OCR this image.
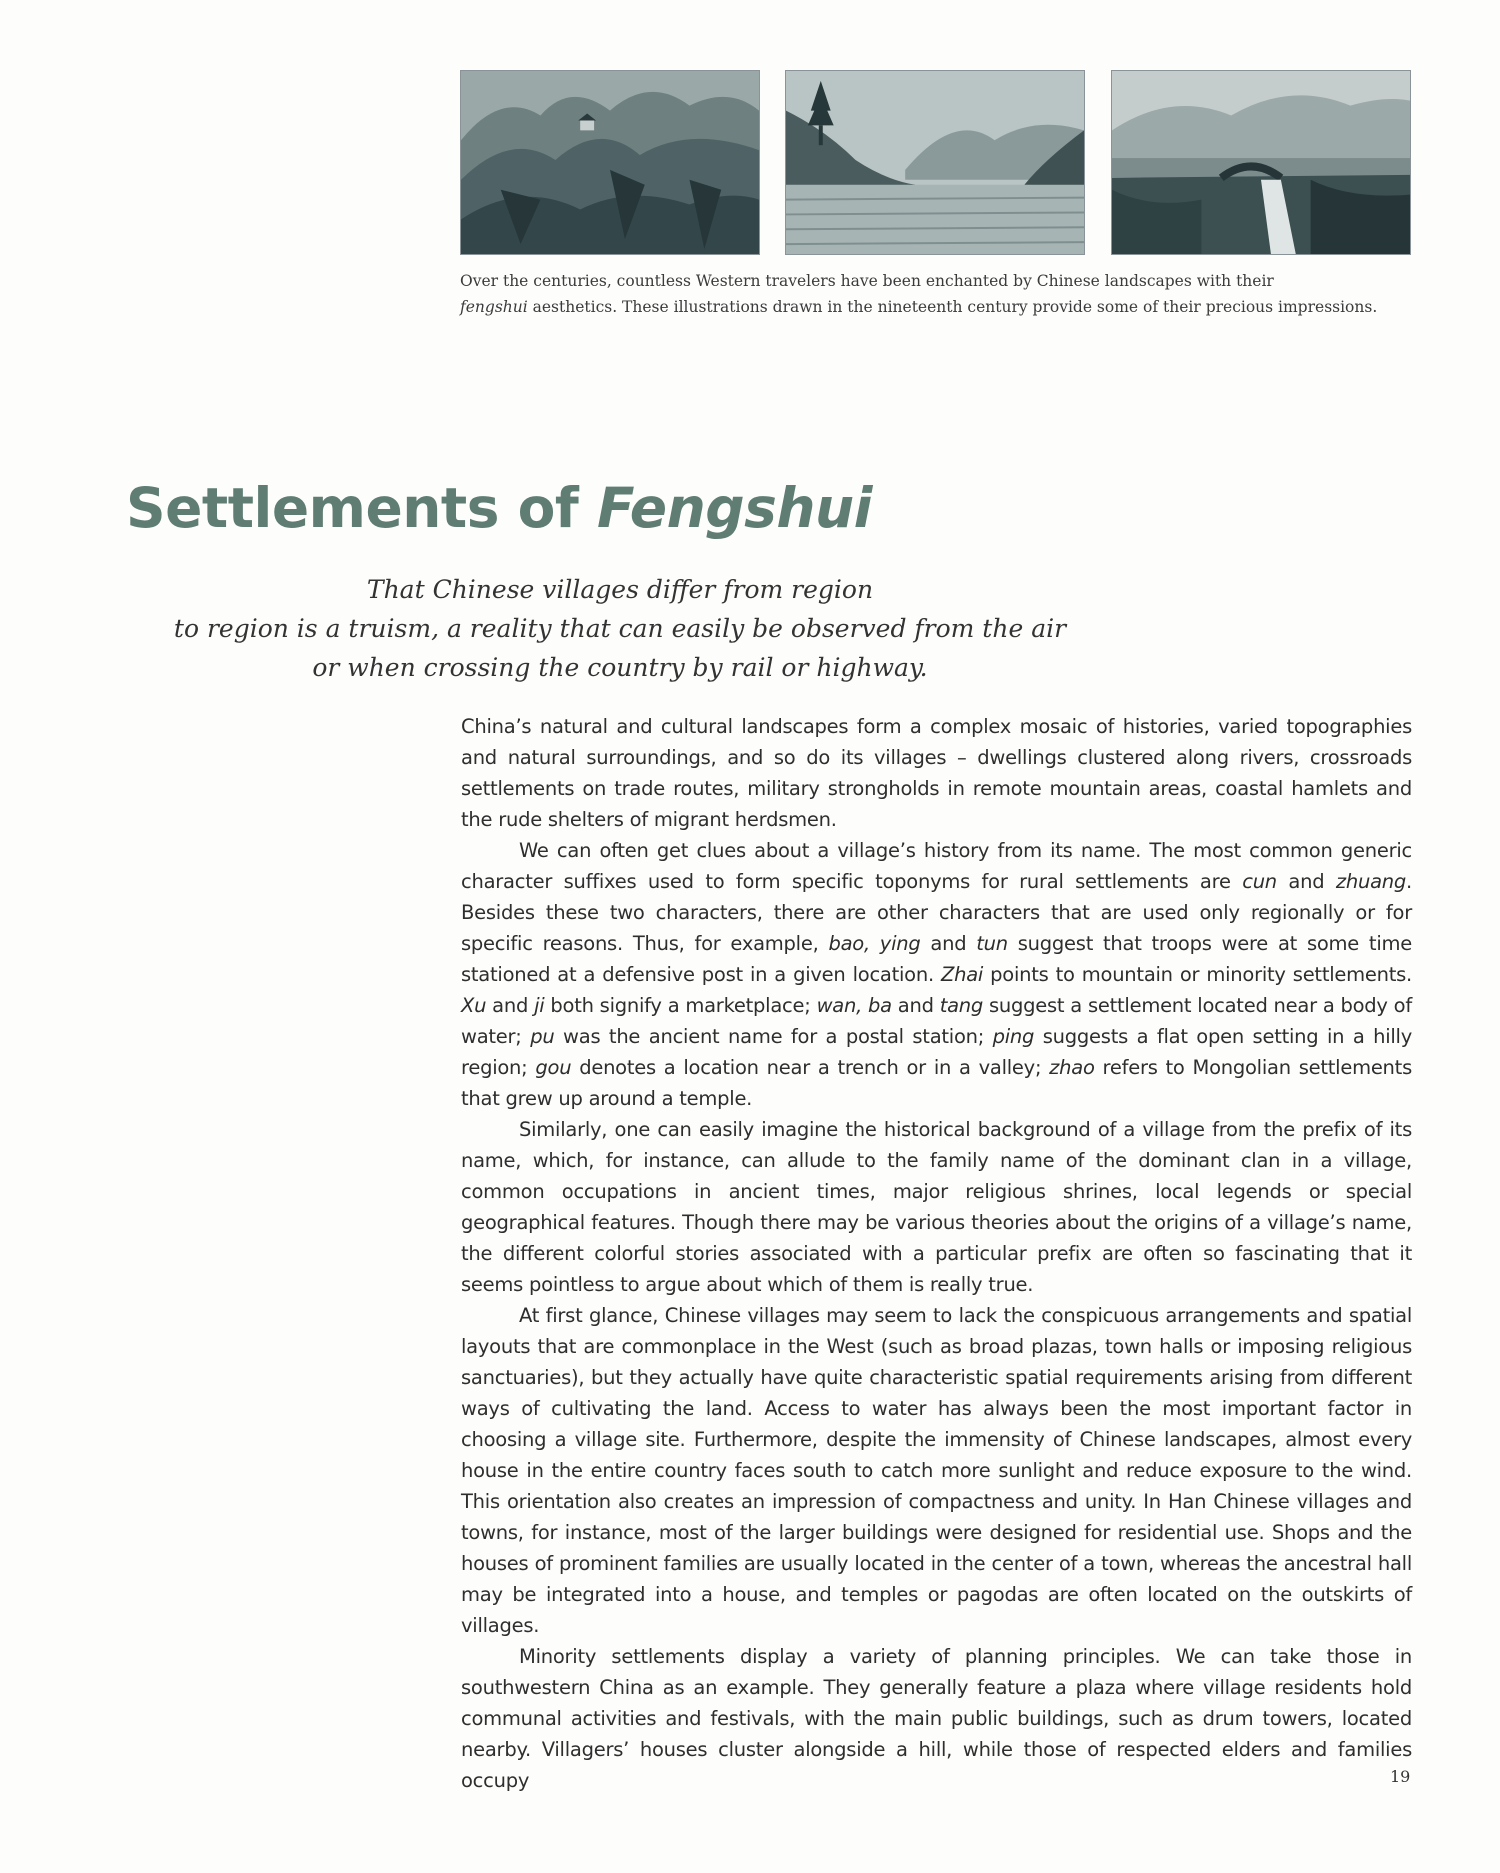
Over the centuries, countless Western travelers have been enchanted by Chinese landscapes with their
fengshui aesthetics. These illustrations drawn in the nineteenth century provide some of their precious impressions.
Settlements of Fengshui
That Chinese villages differ from region
to region is a truism, a reality that can easily be observed from the air
or when crossing the country by rail or highway.

China’s natural and cultural landscapes form a complex mosaic of histories, varied topographies and natural surroundings, and so do its villages – dwellings clustered along rivers, crossroads settlements on trade routes, military strongholds in remote mountain areas, coastal hamlets and the rude shelters of migrant herdsmen.

We can often get clues about a village’s history from its name. The most common generic character suffixes used to form specific toponyms for rural settlements are cun and zhuang. Besides these two characters, there are other characters that are used only regionally or for specific reasons. Thus, for example, bao, ying and tun suggest that troops were at some time stationed at a defensive post in a given location. Zhai points to mountain or minority settlements. Xu and ji both signify a marketplace; wan, ba and tang suggest a settlement located near a body of water; pu was the ancient name for a postal station; ping suggests a flat open setting in a hilly region; gou denotes a location near a trench or in a valley; zhao refers to Mongolian settlements that grew up around a temple.

Similarly, one can easily imagine the historical background of a village from the prefix of its name, which, for instance, can allude to the family name of the dominant clan in a village, common occupations in ancient times, major religious shrines, local legends or special geographical features. Though there may be various theories about the origins of a village’s name, the different colorful stories associated with a particular prefix are often so fascinating that it seems pointless to argue about which of them is really true.

At first glance, Chinese villages may seem to lack the conspicuous arrangements and spatial layouts that are commonplace in the West (such as broad plazas, town halls or imposing religious sanctuaries), but they actually have quite characteristic spatial requirements arising from different ways of cultivating the land. Access to water has always been the most important factor in choosing a village site. Furthermore, despite the immensity of Chinese landscapes, almost every house in the entire country faces south to catch more sunlight and reduce exposure to the wind. This orientation also creates an impression of compactness and unity. In Han Chinese villages and towns, for instance, most of the larger buildings were designed for residential use. Shops and the houses of prominent families are usually located in the center of a town, whereas the ancestral hall may be integrated into a house, and temples or pagodas are often located on the outskirts of villages.

Minority settlements display a variety of planning principles. We can take those in southwestern China as an example. They generally feature a plaza where village residents hold communal activities and festivals, with the main public buildings, such as drum towers, located nearby. Villagers’ houses cluster alongside a hill, while those of respected elders and families occupy	19
